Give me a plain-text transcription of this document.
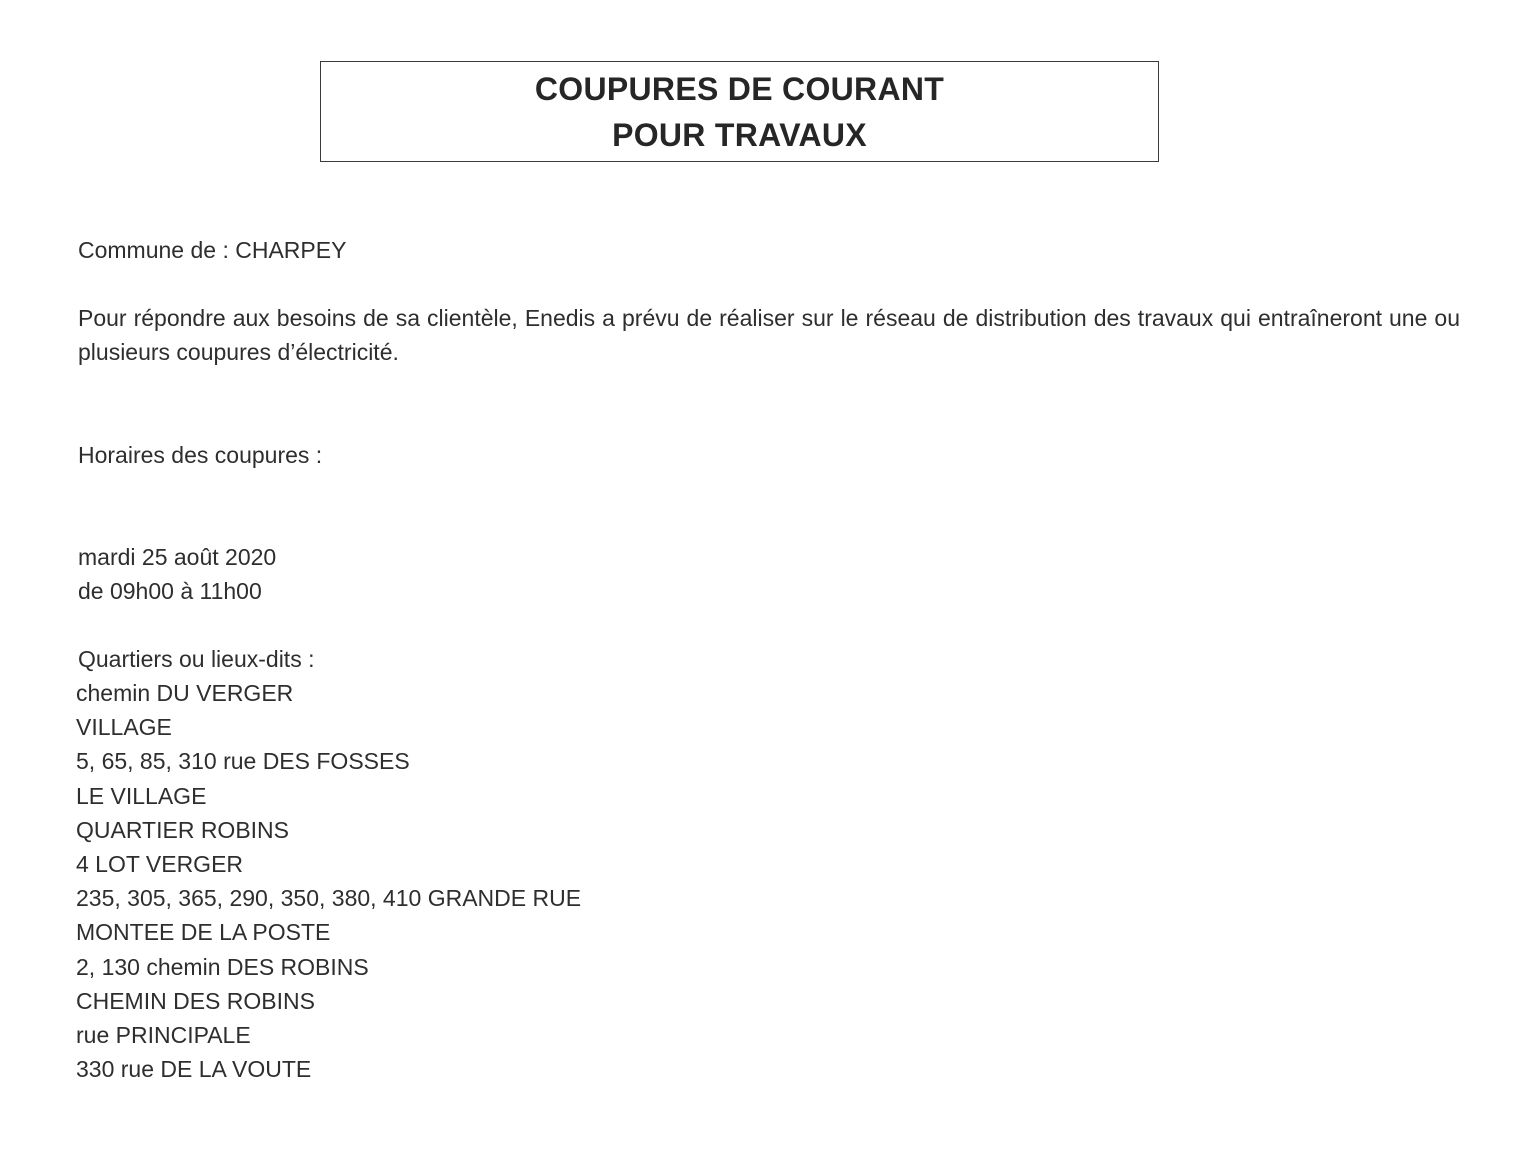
COUPURES DE COURANT
POUR TRAVAUX
Commune de : CHARPEY
Pour répondre aux besoins de sa clientèle, Enedis a prévu de réaliser sur le réseau de distribution des travaux qui entraîneront une ou plusieurs coupures d’électricité.
Horaires des coupures :
mardi 25 août 2020
de 09h00 à 11h00
Quartiers ou lieux-dits :
chemin DU VERGER
VILLAGE
5, 65, 85, 310 rue DES FOSSES
LE VILLAGE
QUARTIER ROBINS
4 LOT VERGER
235, 305, 365, 290, 350, 380, 410 GRANDE RUE
MONTEE DE LA POSTE
2, 130 chemin DES ROBINS
CHEMIN DES ROBINS
rue PRINCIPALE
330 rue DE LA VOUTE
